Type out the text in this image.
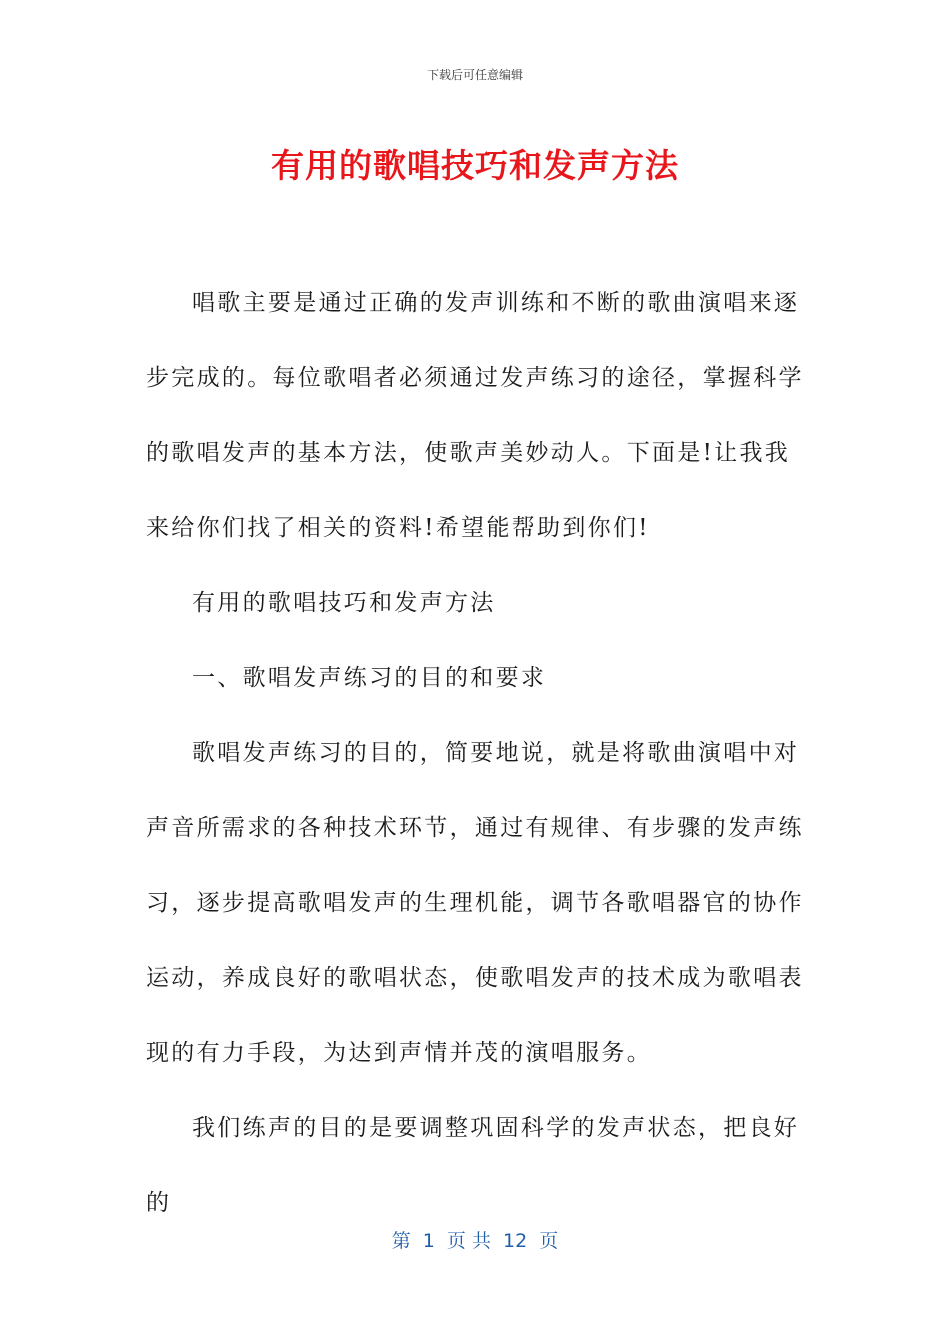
下载后可任意编辑
有用的歌唱技巧和发声方法

唱歌主要是通过正确的发声训练和不断的歌曲演唱来逐步完成的。每位歌唱者必须通过发声练习的途径，掌握科学的歌唱发声的基本方法，使歌声美妙动人。下面是!让我我来给你们找了相关的资料!希望能帮助到你们!

有用的歌唱技巧和发声方法

一、歌唱发声练习的目的和要求

歌唱发声练习的目的，简要地说，就是将歌曲演唱中对声音所需求的各种技术环节，通过有规律、有步骤的发声练习，逐步提高歌唱发声的生理机能，调节各歌唱器官的协作运动，养成良好的歌唱状态，使歌唱发声的技术成为歌唱表现的有力手段，为达到声情并茂的演唱服务。

我们练声的目的是要调整巩固科学的发声状态，把良好的

第  1  页 共  12  页
